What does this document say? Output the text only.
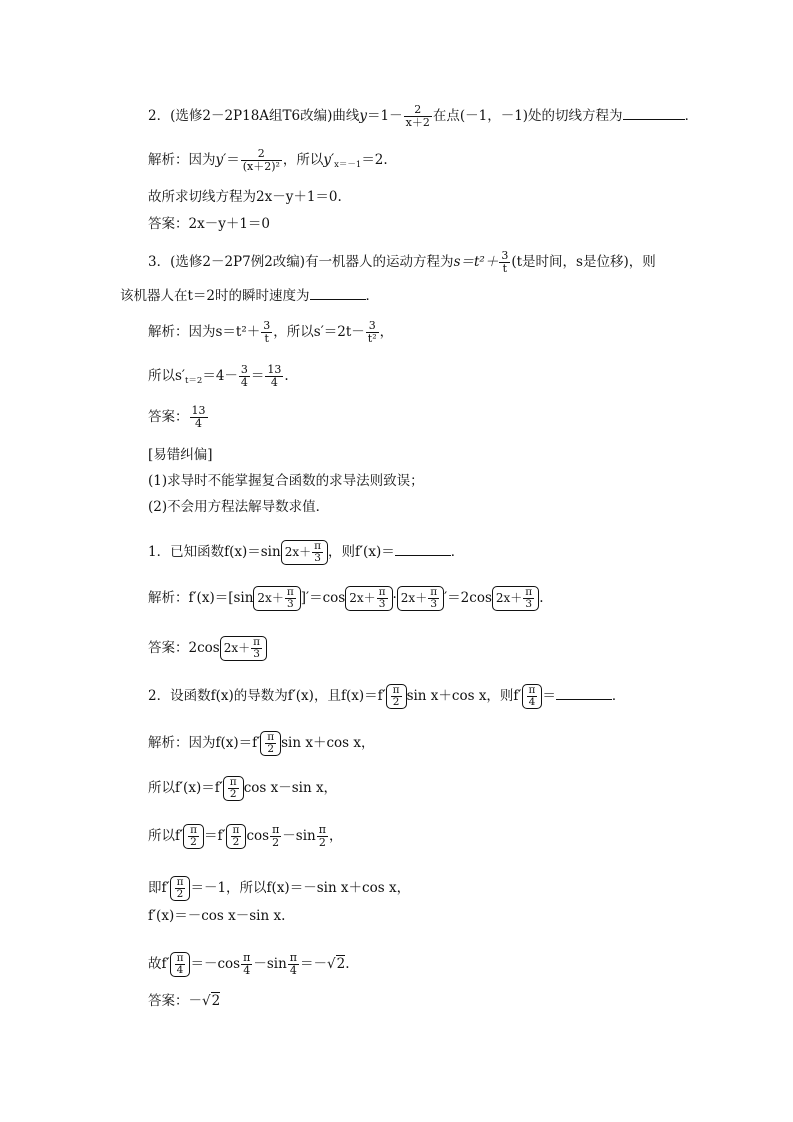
2．(选修2－2P18A组T6改编)曲线$y=1- \frac{2}{x+2}$ 在点(－1，－1)处的切线方程为	．
解析：因为$y'= \frac{2}{\text{(x＋2)²}}$ ，所以$y'_{x=-1}=2$.
故所求切线方程为2x－y＋1＝0.
答案：2x－y＋1＝0
3．(选修2－2P7例2改编)有一机器人的运动方程为$s=t^2+ \frac{3}{t} (t$是时间，s是位移)，则
该机器人在t＝2时的瞬时速度为	．
解析：因为$s=t^2+ \frac{3}{t}$ ，所以$s'=2t- \frac{3}{\text{t²}}$ ，
所以$s'_{t=2}=4- \frac{3}{4} = \frac{13}{4}$ .
答案： $\frac{13}{4}$
[易错纠偏]
(1)求导时不能掌握复合函数的求导法则致误；
(2)不会用方程法解导数求值．
1．已知函数f(x)＝sin $2x+ \frac{\pi}{3}$ ，则f′(x)＝	．
解析：f′(x)＝[sin $2x+ \frac{\pi}{3} ]'=\cos$ $2x+ \frac{\pi}{3} \cdot 2x+ \frac{\pi}{3} '=2\cos$ $2x+ \frac{\pi}{3}$ .
答案：2cos $2x+ \frac{\pi}{3}$
2．设函数f(x)的导数为f′(x)，且$f(x)=f' \frac{\pi}{2}$ sin x＋cos x，则$f' \frac{\pi}{4}$ ＝	．
解析：因为$f(x)=f' \frac{\pi}{2}$ sin x＋cos x，
所以$f'(x)=f' \frac{\pi}{2}$ cos x－sin x，
所以$f' \frac{\pi}{2} =f' \frac{\pi}{2}$ $\cos \frac{\pi}{2} -\sin \frac{\pi}{2}$ ，
即$f' \frac{\pi}{2} =-1$，所以f(x)＝－sin x＋cos x，
f′(x)＝－cos x－sin x.
故$f' \frac{\pi}{4} =-\cos \frac{\pi}{4} -\sin \frac{\pi}{4} =-√2$.
答案：－√2
